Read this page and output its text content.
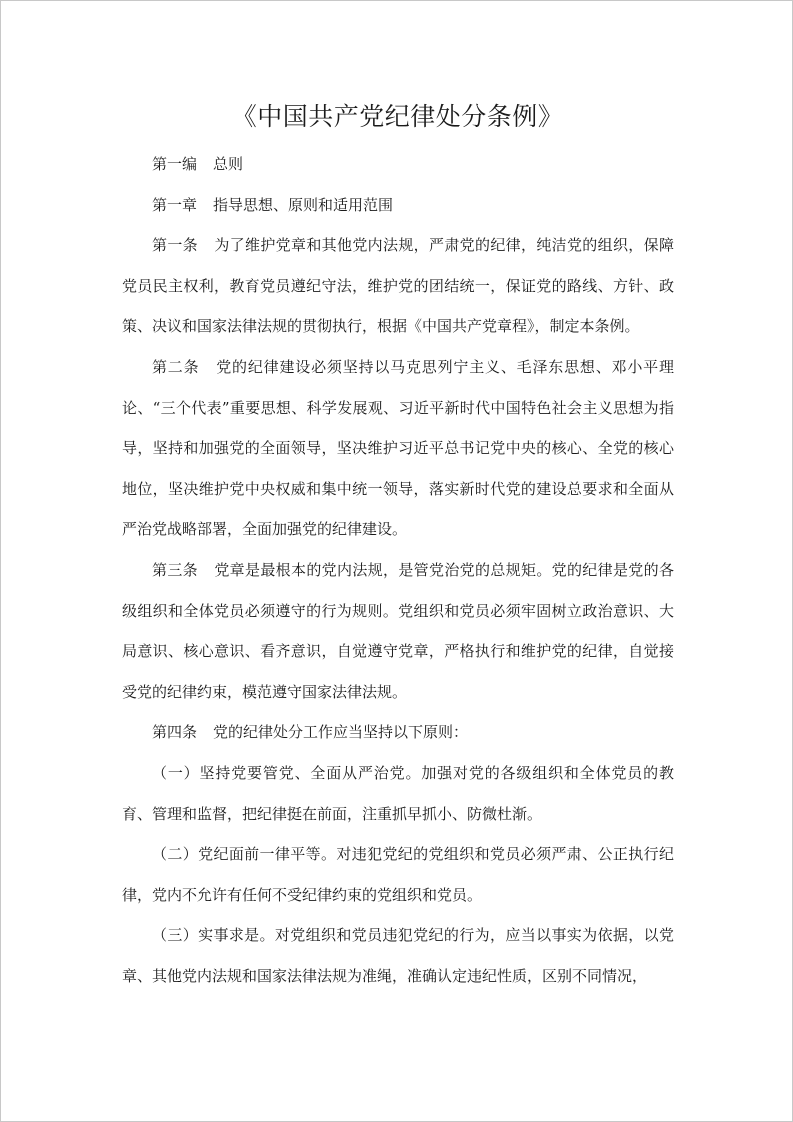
《中国共产党纪律处分条例》

第一编 总则

第一章 指导思想、原则和适用范围

第一条 为了维护党章和其他党内法规，严肃党的纪律，纯洁党的组织，保障党员民主权利，教育党员遵纪守法，维护党的团结统一，保证党的路线、方针、政策、决议和国家法律法规的贯彻执行，根据《中国共产党章程》，制定本条例。

第二条 党的纪律建设必须坚持以马克思列宁主义、毛泽东思想、邓小平理论、“三个代表”重要思想、科学发展观、习近平新时代中国特色社会主义思想为指导，坚持和加强党的全面领导，坚决维护习近平总书记党中央的核心、全党的核心地位，坚决维护党中央权威和集中统一领导，落实新时代党的建设总要求和全面从严治党战略部署，全面加强党的纪律建设。

第三条 党章是最根本的党内法规，是管党治党的总规矩。党的纪律是党的各级组织和全体党员必须遵守的行为规则。党组织和党员必须牢固树立政治意识、大局意识、核心意识、看齐意识，自觉遵守党章，严格执行和维护党的纪律，自觉接受党的纪律约束，模范遵守国家法律法规。

第四条 党的纪律处分工作应当坚持以下原则：

（一）坚持党要管党、全面从严治党。加强对党的各级组织和全体党员的教育、管理和监督，把纪律挺在前面，注重抓早抓小、防微杜渐。

（二）党纪面前一律平等。对违犯党纪的党组织和党员必须严肃、公正执行纪律，党内不允许有任何不受纪律约束的党组织和党员。

（三）实事求是。对党组织和党员违犯党纪的行为，应当以事实为依据，以党章、其他党内法规和国家法律法规为准绳，准确认定违纪性质，区别不同情况，
